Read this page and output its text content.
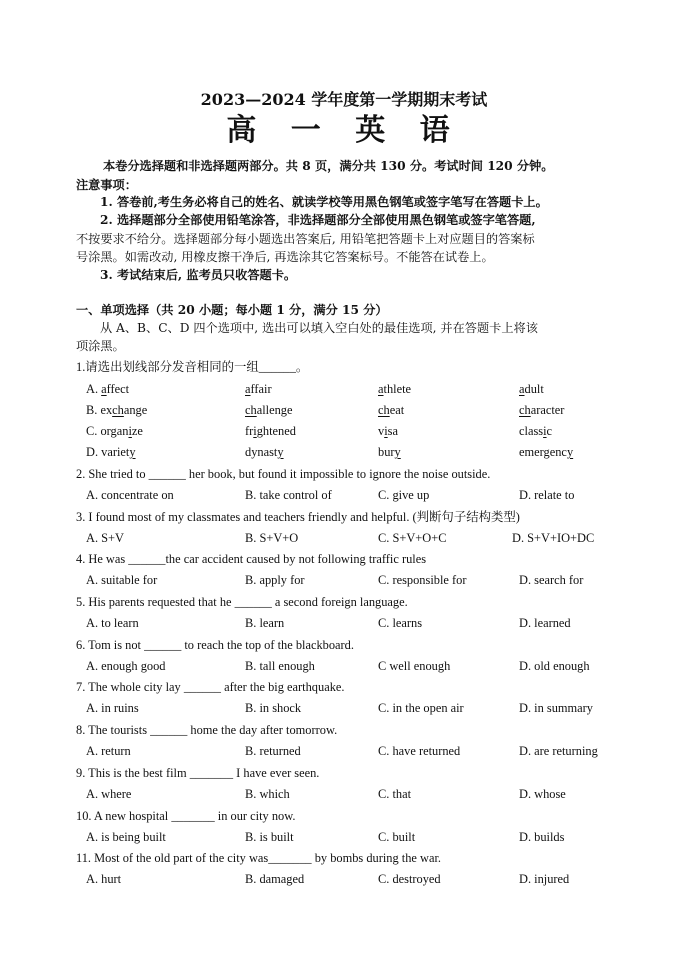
2023—2024 学年度第一学期期末考试
高 一 英 语
本卷分选择题和非选择题两部分。共 8 页，满分共 130 分。考试时间 120 分钟。
注意事项：
1. 答卷前,考生务必将自己的姓名、就读学校等用黑色钢笔或签字笔写在答题卡上。
2. 选择题部分全部使用铅笔涂答，非选择题部分全部使用黑色钢笔或签字笔答题,
不按要求不给分。选择题部分每小题选出答案后, 用铅笔把答题卡上对应题目的答案标
号涂黑。如需改动, 用橡皮擦干净后, 再选涂其它答案标号。不能答在试卷上。
3. 考试结束后, 监考员只收答题卡。
一、单项选择（共 20 小题；每小题 1 分，满分 15 分）
从 A、B、C、D 四个选项中, 选出可以填入空白处的最佳选项, 并在答题卡上将该
项涂黑。
1.请选出划线部分发音相同的一组______。
A. affect	affair	athlete	adult
B. exchange	challenge	cheat	character
C. organize	frightened	visa	classic
D. variety	dynasty	bury	emergency
2. She tried to ______ her book, but found it impossible to ignore the noise outside.
A. concentrate on	B. take control of	C. give up	D. relate to
3. I found most of my classmates and teachers friendly and helpful. (判断句子结构类型)
A. S+V	B. S+V+O	C. S+V+O+C	D. S+V+IO+DC
4. He was ______the car accident caused by not following traffic rules
A. suitable for	B. apply for	C. responsible for	D. search for
5. His parents requested that he ______ a second foreign language.
A. to learn	B. learn	C. learns	D. learned
6. Tom is not ______ to reach the top of the blackboard.
A. enough good	B. tall enough	C well enough	D. old enough
7. The whole city lay ______ after the big earthquake.
A. in ruins	B. in shock	C. in the open air	D. in summary
8. The tourists ______ home the day after tomorrow.
A. return	B. returned	C. have returned	D. are returning
9. This is the best film _______ I have ever seen.
A. where	B. which	C. that	D. whose
10. A new hospital _______ in our city now.
A. is being built	B. is built	C. built	D. builds
11. Most of the old part of the city was_______ by bombs during the war.
A. hurt	B. damaged	C. destroyed	D. injured
